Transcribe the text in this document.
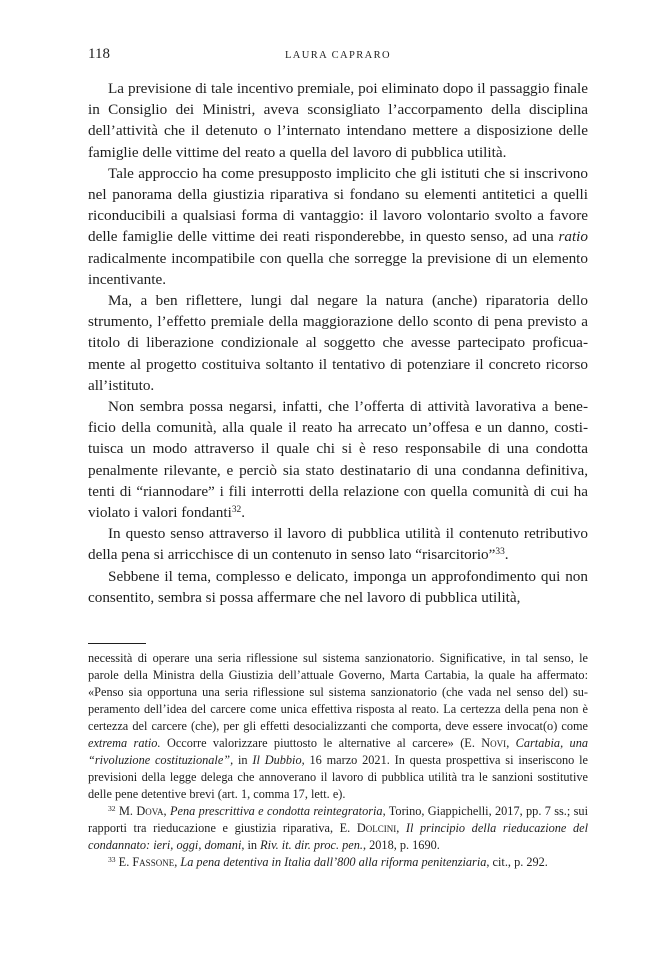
118	LAURA CAPRARO

La previsione di tale incentivo premiale, poi eliminato dopo il passaggio finale in Consiglio dei Ministri, aveva sconsigliato l’accorpamento della disciplina dell’attività che il detenuto o l’internato intendano mettere a disposizione delle famiglie delle vittime del reato a quella del lavoro di pubblica utilità.

Tale approccio ha come presupposto implicito che gli istituti che si inscrivono nel panorama della giustizia riparativa si fondano su elementi antitetici a quelli riconducibili a qualsiasi forma di vantaggio: il lavoro volontario svolto a favore delle famiglie delle vittime dei reati risponderebbe, in questo senso, ad una ratio radicalmente incompatibile con quella che sorregge la previsione di un elemento incentivante.

Ma, a ben riflettere, lungi dal negare la natura (anche) riparatoria dello strumento, l’effetto premiale della maggiorazione dello sconto di pena previsto a titolo di liberazione condizionale al soggetto che avesse partecipato proficuamente al progetto costituiva soltanto il tentativo di potenziare il concreto ricorso all’istituto.

Non sembra possa negarsi, infatti, che l’offerta di attività lavorativa a beneficio della comunità, alla quale il reato ha arrecato un’offesa e un danno, costituisca un modo attraverso il quale chi si è reso responsabile di una condotta penalmente rilevante, e perciò sia stato destinatario di una condanna definitiva, tenti di “riannodare” i fili interrotti della relazione con quella comunità di cui ha violato i valori fondanti$^{32}$.

In questo senso attraverso il lavoro di pubblica utilità il contenuto retributivo della pena si arricchisce di un contenuto in senso lato “risarcitorio”$^{33}$.

Sebbene il tema, complesso e delicato, imponga un approfondimento qui non consentito, sembra si possa affermare che nel lavoro di pubblica utilità,

necessità di operare una seria riflessione sul sistema sanzionatorio. Significative, in tal senso, le parole della Ministra della Giustizia dell’attuale Governo, Marta Cartabia, la quale ha affermato: «Penso sia opportuna una seria riflessione sul sistema sanzionatorio (che vada nel senso del) superamento dell’idea del carcere come unica effettiva risposta al reato. La certezza della pena non è certezza del carcere (che), per gli effetti desocializzanti che comporta, deve essere invocat(o) come extrema ratio. Occorre valorizzare piuttosto le alternative al carcere» (E. Novi, Cartabia, una “rivoluzione costituzionale”, in Il Dubbio, 16 marzo 2021. In questa prospettiva si inseriscono le previsioni della legge delega che annoverano il lavoro di pubblica utilità tra le sanzioni sostitutive delle pene detentive brevi (art. 1, comma 17, lett. e).

$^{32}$ M. Dova, Pena prescrittiva e condotta reintegratoria, Torino, Giappichelli, 2017, pp. 7 ss.; sui rapporti tra rieducazione e giustizia riparativa, E. Dolcini, Il principio della rieducazione del condannato: ieri, oggi, domani, in Riv. it. dir. proc. pen., 2018, p. 1690.

$^{33}$ E. Fassone, La pena detentiva in Italia dall’800 alla riforma penitenziaria, cit., p. 292.
